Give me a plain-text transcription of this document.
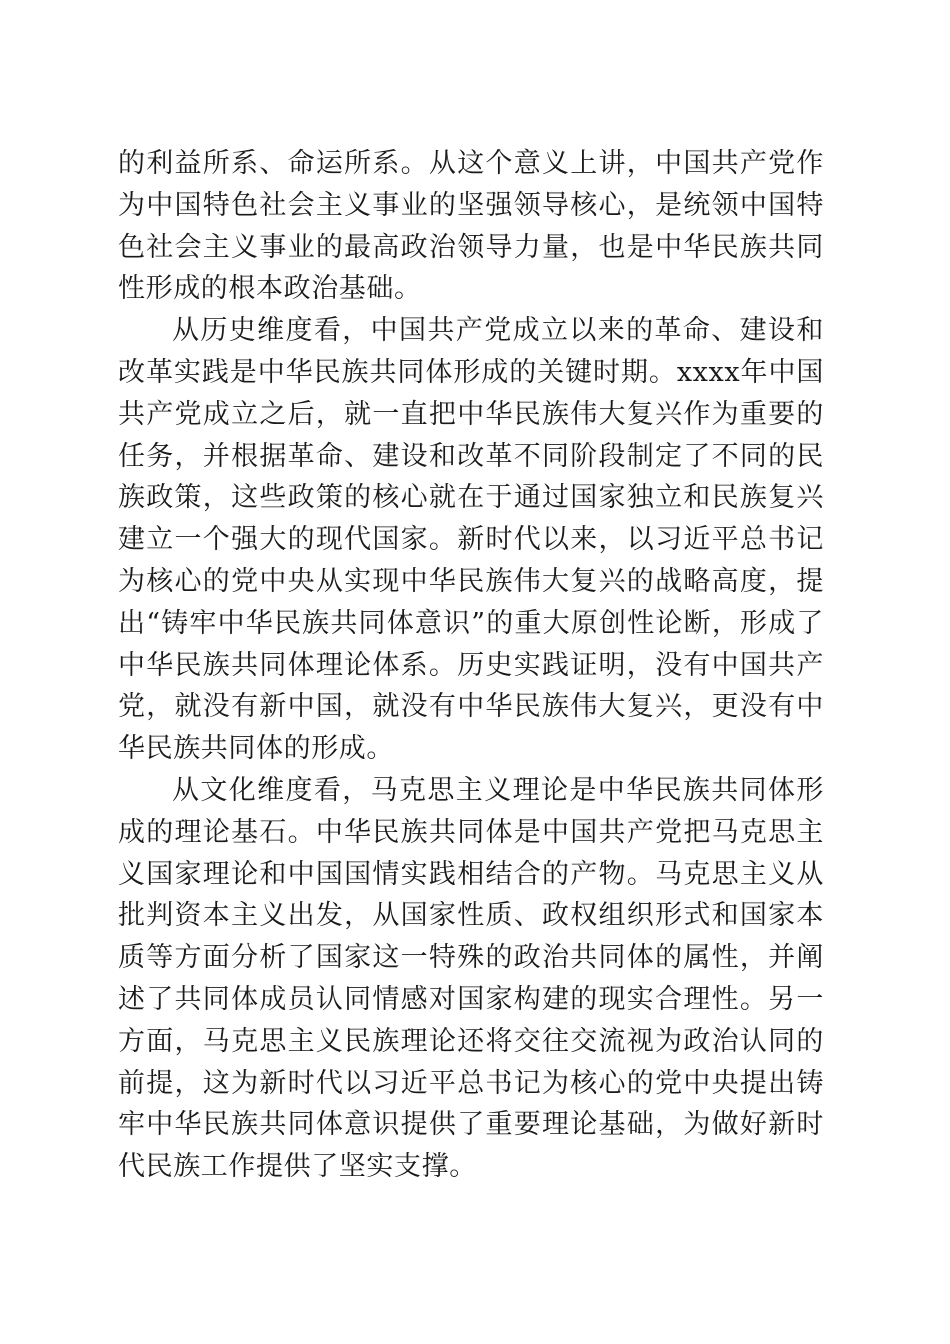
的利益所系、命运所系。从这个意义上讲，中国共产党作为中国特色社会主义事业的坚强领导核心，是统领中国特色社会主义事业的最高政治领导力量，也是中华民族共同性形成的根本政治基础。

从历史维度看，中国共产党成立以来的革命、建设和改革实践是中华民族共同体形成的关键时期。xxxx年中国共产党成立之后，就一直把中华民族伟大复兴作为重要的任务，并根据革命、建设和改革不同阶段制定了不同的民族政策，这些政策的核心就在于通过国家独立和民族复兴建立一个强大的现代国家。新时代以来，以习近平总书记为核心的党中央从实现中华民族伟大复兴的战略高度，提出“铸牢中华民族共同体意识”的重大原创性论断，形成了中华民族共同体理论体系。历史实践证明，没有中国共产党，就没有新中国，就没有中华民族伟大复兴，更没有中华民族共同体的形成。

从文化维度看，马克思主义理论是中华民族共同体形成的理论基石。中华民族共同体是中国共产党把马克思主义国家理论和中国国情实践相结合的产物。马克思主义从批判资本主义出发，从国家性质、政权组织形式和国家本质等方面分析了国家这一特殊的政治共同体的属性，并阐述了共同体成员认同情感对国家构建的现实合理性。另一方面，马克思主义民族理论还将交往交流视为政治认同的前提，这为新时代以习近平总书记为核心的党中央提出铸牢中华民族共同体意识提供了重要理论基础，为做好新时代民族工作提供了坚实支撑。
